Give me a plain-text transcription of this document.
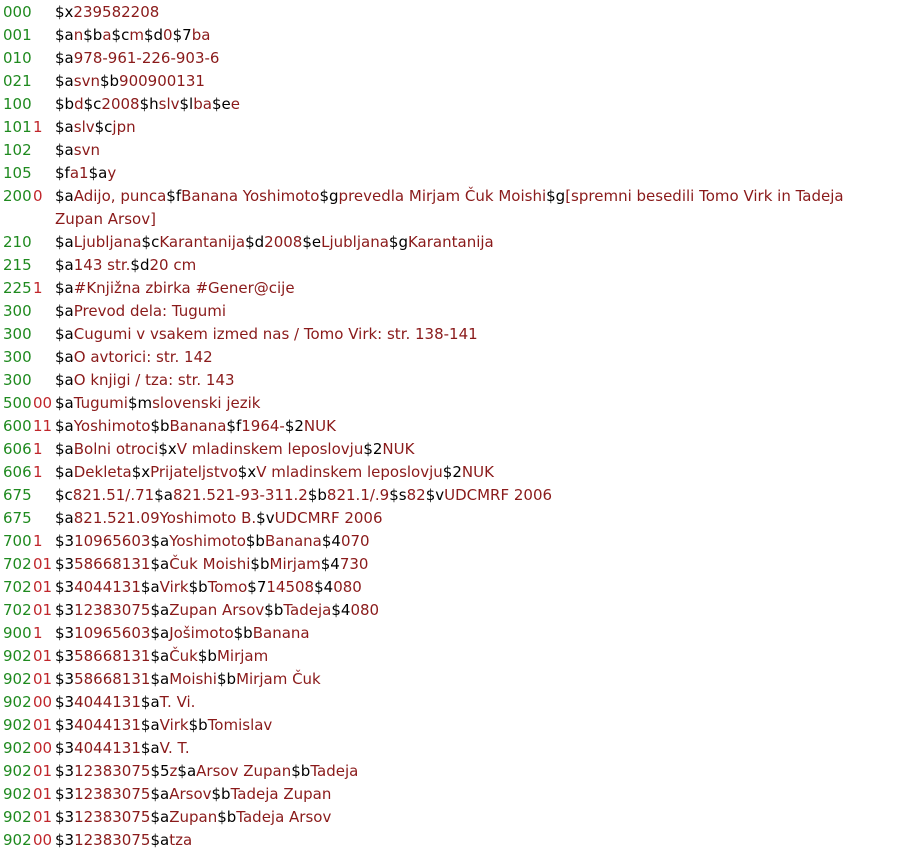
000 $x239582208
001 $an$ba$cm$d0$7ba
010 $a978-961-226-903-6
021 $asvn$b900900131
100 $bd$c2008$hslv$lba$ee
101 1 $aslv$cjpn
102 $asvn
105 $fa1$ay
200 0 $aAdijo, punca$fBanana Yoshimoto$gprevedla Mirjam Čuk Moishi$g[spremni besedili Tomo Virk in Tadeja Zupan Arsov]
210 $aLjubljana$cKarantanija$d2008$eLjubljana$gKarantanija
215 $a143 str.$d20 cm
225 1 $a#Knjižna zbirka #Gener@cije
300 $aPrevod dela: Tugumi
300 $aCugumi v vsakem izmed nas / Tomo Virk: str. 138-141
300 $aO avtorici: str. 142
300 $aO knjigi / tza: str. 143
500 00 $aTugumi$mslovenski jezik
600 11 $aYoshimoto$bBanana$f1964-$2NUK
606 1 $aBolni otroci$xV mladinskem leposlovju$2NUK
606 1 $aDekleta$xPrijateljstvo$xV mladinskem leposlovju$2NUK
675 $c821.51/.71$a821.521-93-311.2$b821.1/.9$s82$vUDCMRF 2006
675 $a821.521.09Yoshimoto B.$vUDCMRF 2006
700 1 $310965603$aYoshimoto$bBanana$4070
702 01 $358668131$aČuk Moishi$bMirjam$4730
702 01 $34044131$aVirk$bTomo$714508$4080
702 01 $312383075$aZupan Arsov$bTadeja$4080
900 1 $310965603$aJošimoto$bBanana
902 01 $358668131$aČuk$bMirjam
902 01 $358668131$aMoishi$bMirjam Čuk
902 00 $34044131$aT. Vi.
902 01 $34044131$aVirk$bTomislav
902 00 $34044131$aV. T.
902 01 $312383075$5z$aArsov Zupan$bTadeja
902 01 $312383075$aArsov$bTadeja Zupan
902 01 $312383075$aZupan$bTadeja Arsov
902 00 $312383075$atza
